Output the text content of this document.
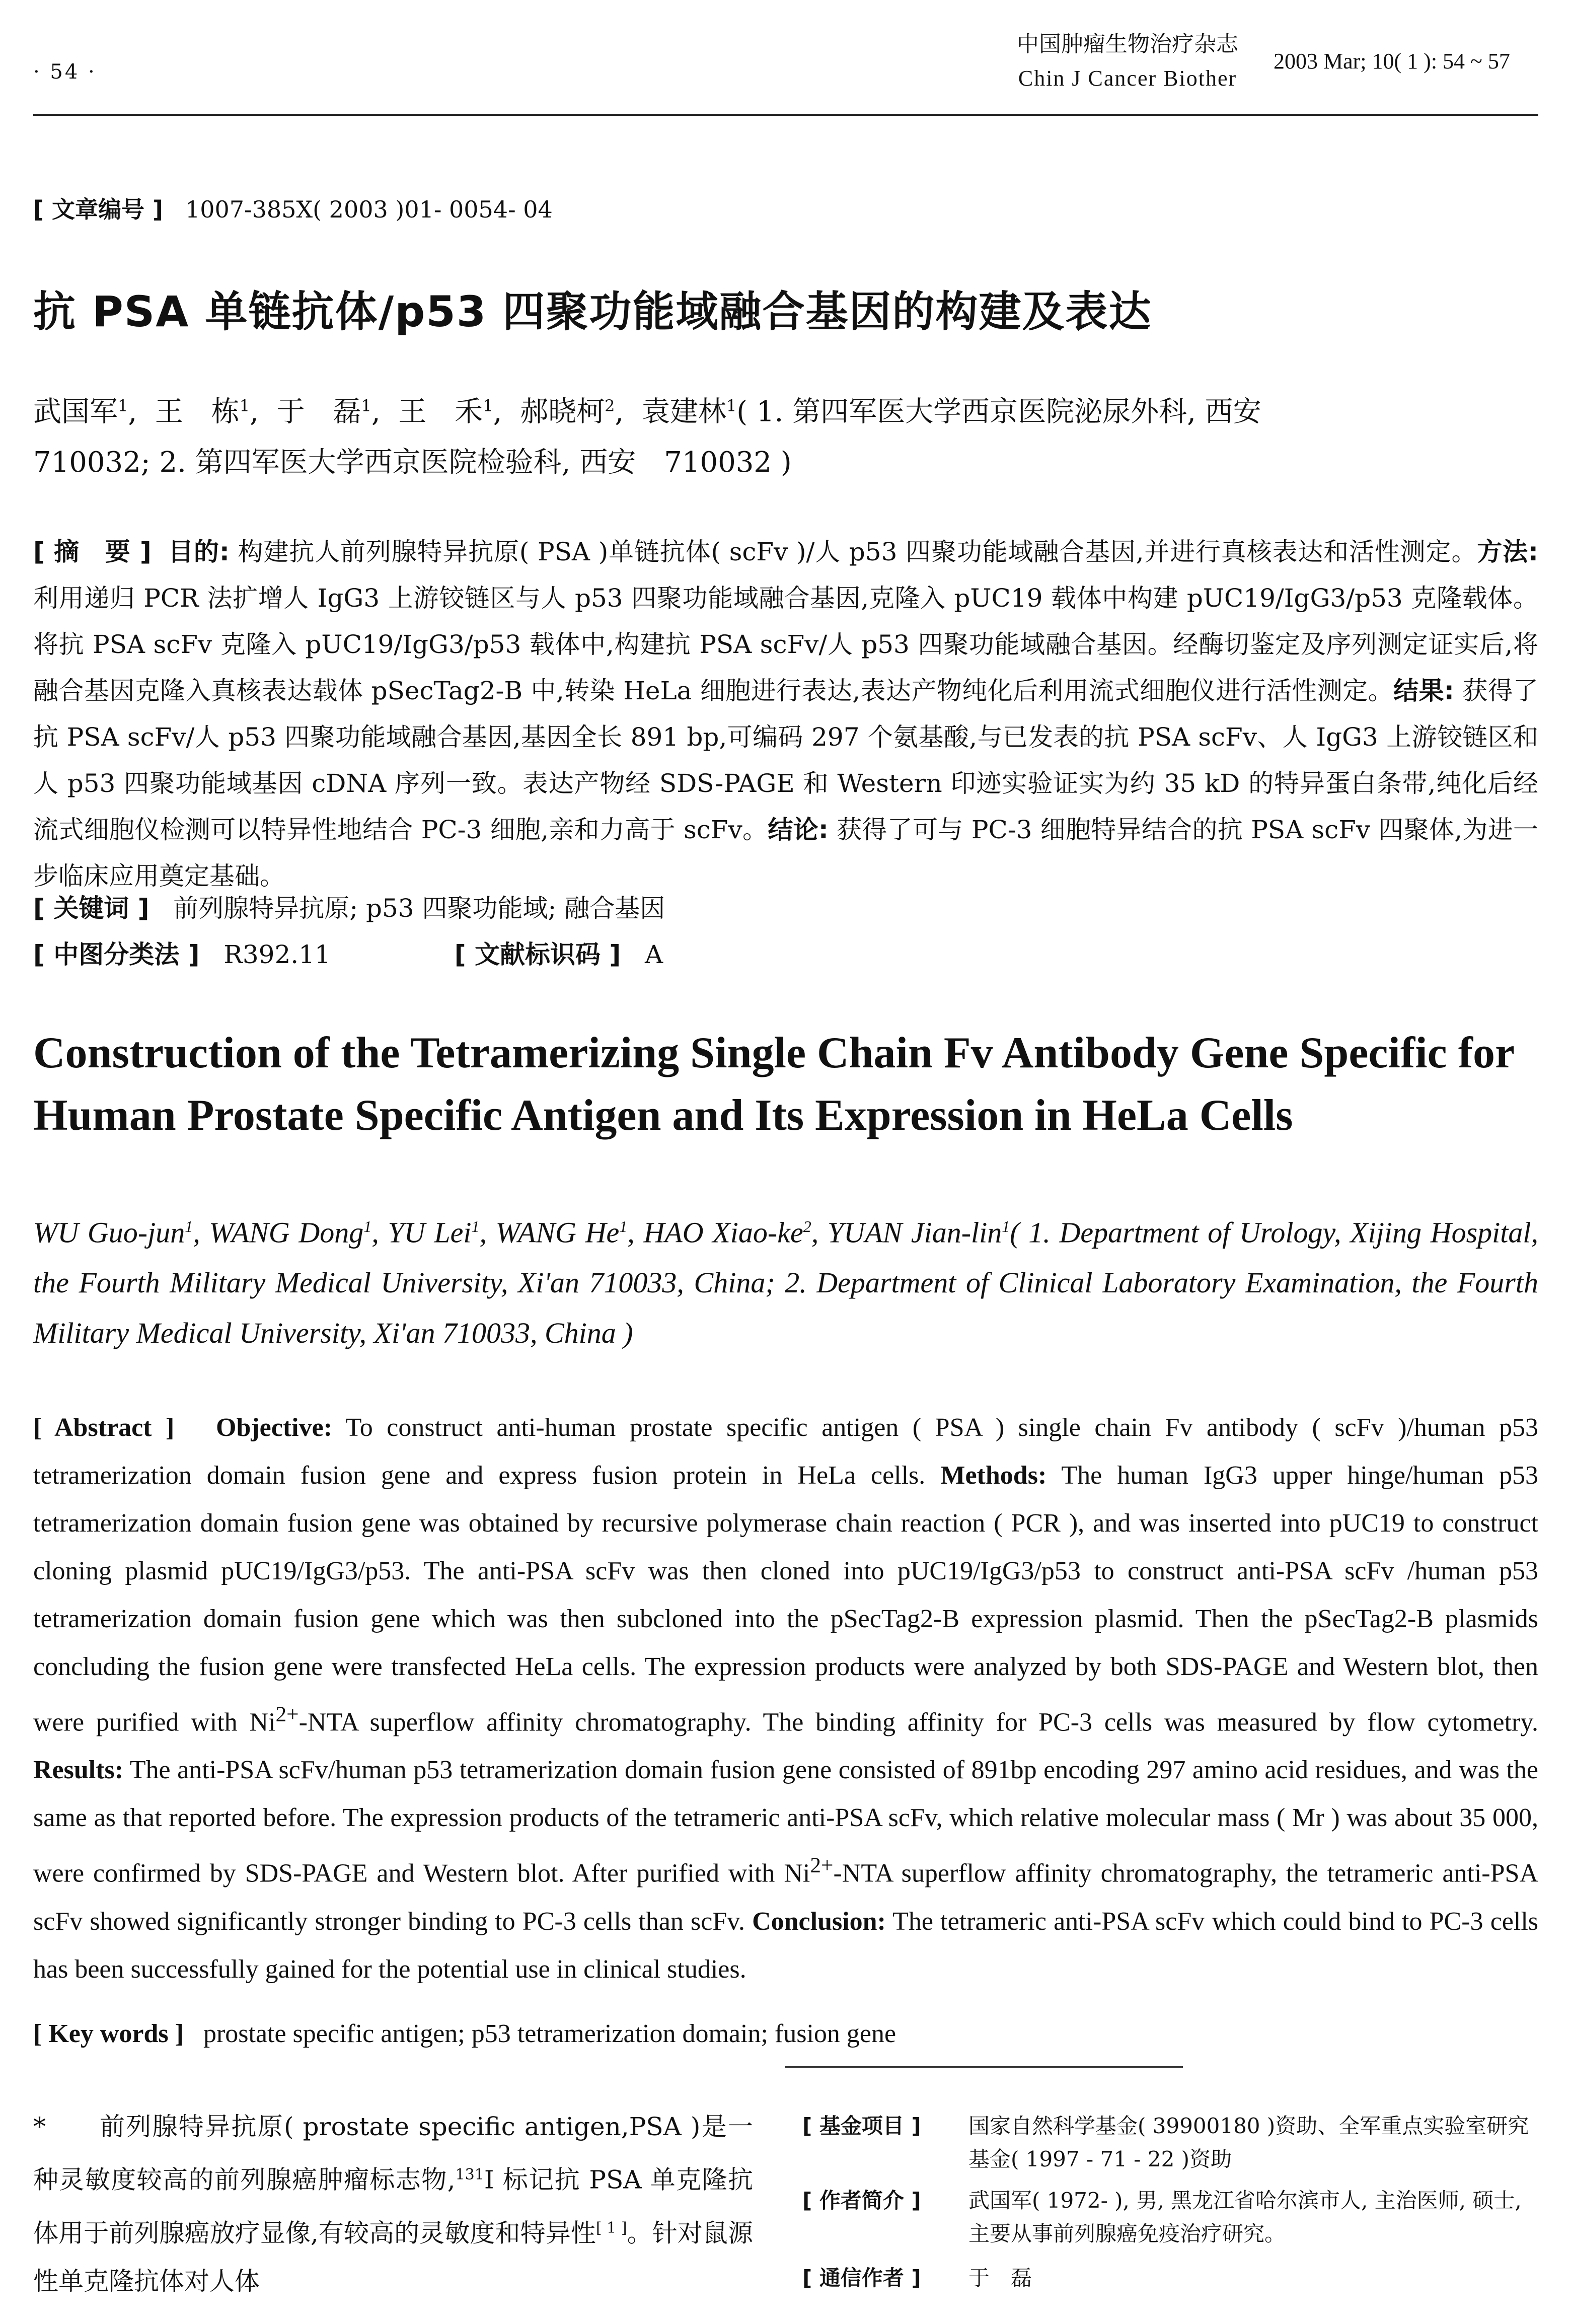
· 54 ·
中国肿瘤生物治疗杂志
Chin J Cancer Biother
2003 Mar; 10( 1 ): 54 ~ 57
[ 文章编号 ] 1007-385X( 2003 )01- 0054- 04
抗 PSA 单链抗体/p53 四聚功能域融合基因的构建及表达
武国军$^1$,  王　栋$^1$,  于　磊$^1$,  王　禾$^1$,  郝晓柯$^2$,  袁建林$^1$( 1. 第四军医大学西京医院泌尿外科, 西安
710032; 2. 第四军医大学西京医院检验科, 西安　710032 )
[ 摘　要 ] 目的: 构建抗人前列腺特异抗原( PSA )单链抗体( scFv )/人 p53 四聚功能域融合基因,并进行真核表达和活性测定。方法: 利用递归 PCR 法扩增人 IgG3 上游铰链区与人 p53 四聚功能域融合基因,克隆入 pUC19 载体中构建 pUC19/IgG3/p53 克隆载体。将抗 PSA scFv 克隆入 pUC19/IgG3/p53 载体中,构建抗 PSA scFv/人 p53 四聚功能域融合基因。经酶切鉴定及序列测定证实后,将融合基因克隆入真核表达载体 pSecTag2-B 中,转染 HeLa 细胞进行表达,表达产物纯化后利用流式细胞仪进行活性测定。结果: 获得了抗 PSA scFv/人 p53 四聚功能域融合基因,基因全长 891 bp,可编码 297 个氨基酸,与已发表的抗 PSA scFv、人 IgG3 上游铰链区和人 p53 四聚功能域基因 cDNA 序列一致。表达产物经 SDS-PAGE 和 Western 印迹实验证实为约 35 kD 的特异蛋白条带,纯化后经流式细胞仪检测可以特异性地结合 PC-3 细胞,亲和力高于 scFv。结论: 获得了可与 PC-3 细胞特异结合的抗 PSA scFv 四聚体,为进一步临床应用奠定基础。
[ 关键词 ] 前列腺特异抗原; p53 四聚功能域; 融合基因
[ 中图分类法 ] R392.11	[ 文献标识码 ] A
Construction of the Tetramerizing Single Chain Fv Antibody Gene Specific for
Human Prostate Specific Antigen and Its Expression in HeLa Cells
WU Guo-jun$^1$, WANG Dong$^1$, YU Lei$^1$, WANG He$^1$, HAO Xiao-$ke^2$, YUAN Jian-lin$^1$( 1. Department of Urology, Xijing Hospital, the Fourth Military Medical University, Xi'an 710033, China; 2. Department of Clinical Laboratory Examination, the Fourth Military Medical University, Xi'an 710033, China )
[ Abstract ] Objective: To construct anti-human prostate specific antigen ( PSA ) single chain Fv antibody ( scFv )/human p53 tetramerization domain fusion gene and express fusion protein in HeLa cells. Methods: The human IgG3 upper hinge/human p53 tetramerization domain fusion gene was obtained by recursive polymerase chain reaction ( PCR ), and was inserted into pUC19 to construct cloning plasmid pUC19/IgG3/p53. The anti-PSA scFv was then cloned into pUC19/IgG3/p53 to construct anti-PSA scFv /human p53 tetramerization domain fusion gene which was then subcloned into the pSecTag2-B expression plasmid. Then the pSecTag2-B plasmids concluding the fusion gene were transfected HeLa cells. The expression products were analyzed by both SDS-PAGE and Western blot, then were purified with $Ni^{2+}$-NTA superflow affinity chromatography. The binding affinity for PC-3 cells was measured by flow cytometry. Results: The anti-PSA scFv/human p53 tetramerization domain fusion gene consisted of 891bp encoding 297 amino acid residues, and was the same as that reported before. The expression products of the tetrameric anti-PSA scFv, which relative molecular mass ( Mr ) was about 35 000, were confirmed by SDS-PAGE and Western blot. After purified with $Ni^{2+}$-NTA superflow affinity chromatography, the tetrameric anti-PSA scFv showed significantly stronger binding to PC-3 cells than scFv. Conclusion: The tetrameric anti-PSA scFv which could bind to PC-3 cells has been successfully gained for the potential use in clinical studies.
[ Key words ] prostate specific antigen; p53 tetramerization domain; fusion gene
*　　前列腺特异抗原( prostate specific antigen,PSA )是一种灵敏度较高的前列腺癌肿瘤标志物,$^{131}$I 标记抗 PSA 单克隆抗体用于前列腺癌放疗显像,有较高的灵敏度和特异性[ 1 ]。针对鼠源性单克隆抗体对人体
[ 基金项目 ] 国家自然科学基金( 39900180 )资助、全军重点实验室研究基金( 1997 - 71 - 22 )资助
[ 作者简介 ] 武国军( 1972- ), 男, 黑龙江省哈尔滨市人, 主治医师, 硕士, 主要从事前列腺癌免疫治疗研究。
[ 通信作者 ] 于　磊
